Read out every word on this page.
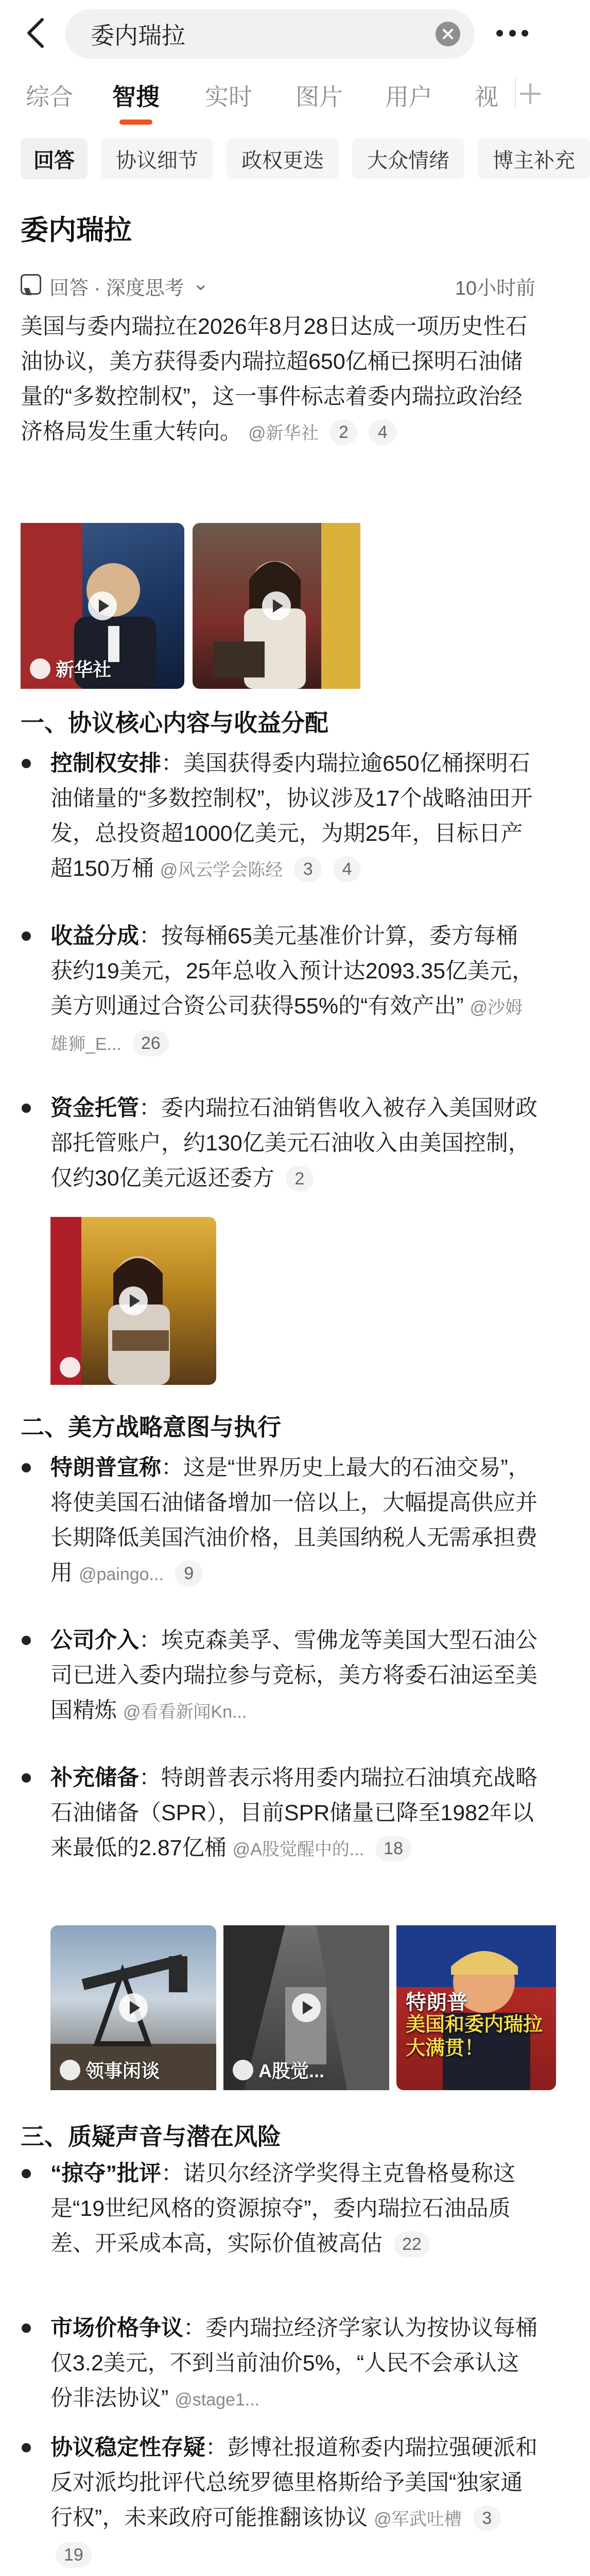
委内瑞拉
综合 智搜 实时 图片 用户 视
回答	协议细节	政权更迭	大众情绪	博主补充
委内瑞拉
回答 · 深度思考 ⌄	10小时前
美国与委内瑞拉在2026年8月28日达成一项历史性石油协议，美方获得委内瑞拉超650亿桶已探明石油储量的“多数控制权”，这一事件标志着委内瑞拉政治经济格局发生重大转向。 @新华社 2 4
新华社
一、协议核心内容与收益分配
控制权安排：美国获得委内瑞拉逾650亿桶探明石油储量的“多数控制权”，协议涉及17个战略油田开发，总投资超1000亿美元，为期25年，目标日产超150万桶 @风云学会陈经 3 4
收益分成：按每桶65美元基准价计算，委方每桶获约19美元，25年总收入预计达2093.35亿美元，美方则通过合资公司获得55%的“有效产出” @沙姆雄狮_E... 26
资金托管：委内瑞拉石油销售收入被存入美国财政部托管账户，约130亿美元石油收入由美国控制，仅约30亿美元返还委方 2
二、美方战略意图与执行
特朗普宣称：这是“世界历史上最大的石油交易”，将使美国石油储备增加一倍以上，大幅提高供应并长期降低美国汽油价格，且美国纳税人无需承担费用 @paingo... 9
公司介入：埃克森美孚、雪佛龙等美国大型石油公司已进入委内瑞拉参与竞标，美方将委石油运至美国精炼 @看看新闻Kn...
补充储备：特朗普表示将用委内瑞拉石油填充战略石油储备（SPR），目前SPR储量已降至1982年以来最低的2.87亿桶 @A股觉醒中的... 18
领事闲谈	A股觉...
特朗普
美国和委内瑞拉
大满贯！
三、质疑声音与潜在风险
“掠夺”批评：诺贝尔经济学奖得主克鲁格曼称这是“19世纪风格的资源掠夺”，委内瑞拉石油品质差、开采成本高，实际价值被高估 22
市场价格争议：委内瑞拉经济学家认为按协议每桶仅3.2美元，不到当前油价5%，“人民不会承认这份非法协议” @stage1...
协议稳定性存疑：彭博社报道称委内瑞拉强硬派和反对派均批评代总统罗德里格斯给予美国“独家通行权”，未来政府可能推翻该协议 @军武吐槽 3 19
